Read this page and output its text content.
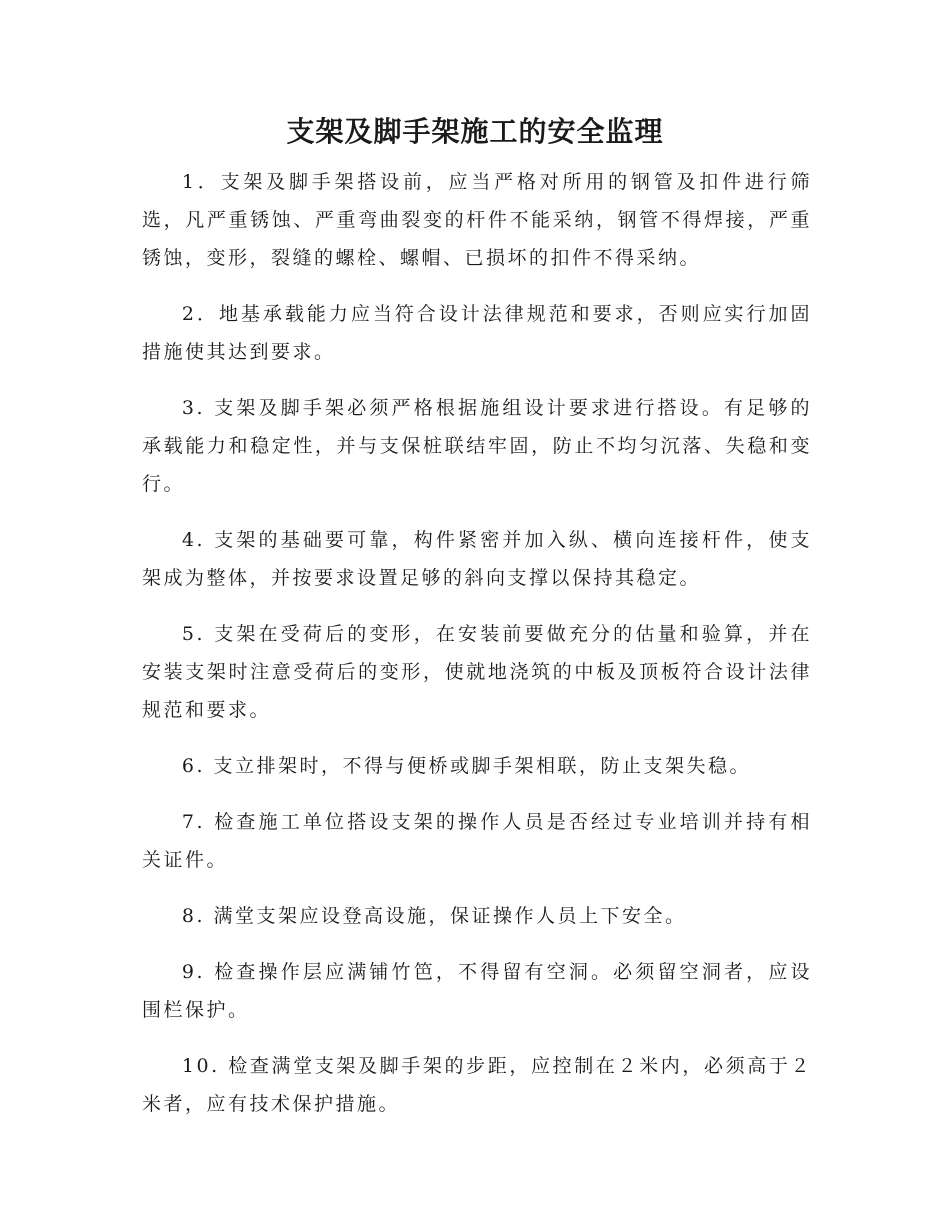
支架及脚手架施工的安全监理

1．支架及脚手架搭设前，应当严格对所用的钢管及扣件进行筛选，凡严重锈蚀、严重弯曲裂变的杆件不能采纳，钢管不得焊接，严重锈蚀，变形，裂缝的螺栓、螺帽、已损坏的扣件不得采纳。

2．地基承载能力应当符合设计法律规范和要求，否则应实行加固措施使其达到要求。

3. 支架及脚手架必须严格根据施组设计要求进行搭设。有足够的承载能力和稳定性，并与支保桩联结牢固，防止不均匀沉落、失稳和变行。

4. 支架的基础要可靠，构件紧密并加入纵、横向连接杆件，使支架成为整体，并按要求设置足够的斜向支撑以保持其稳定。

5. 支架在受荷后的变形，在安装前要做充分的估量和验算，并在安装支架时注意受荷后的变形，使就地浇筑的中板及顶板符合设计法律规范和要求。

6. 支立排架时，不得与便桥或脚手架相联，防止支架失稳。

7. 检查施工单位搭设支架的操作人员是否经过专业培训并持有相关证件。

8. 满堂支架应设登高设施，保证操作人员上下安全。

9. 检查操作层应满铺竹笆，不得留有空洞。必须留空洞者，应设围栏保护。

10. 检查满堂支架及脚手架的步距，应控制在２米内，必须高于２米者，应有技术保护措施。
